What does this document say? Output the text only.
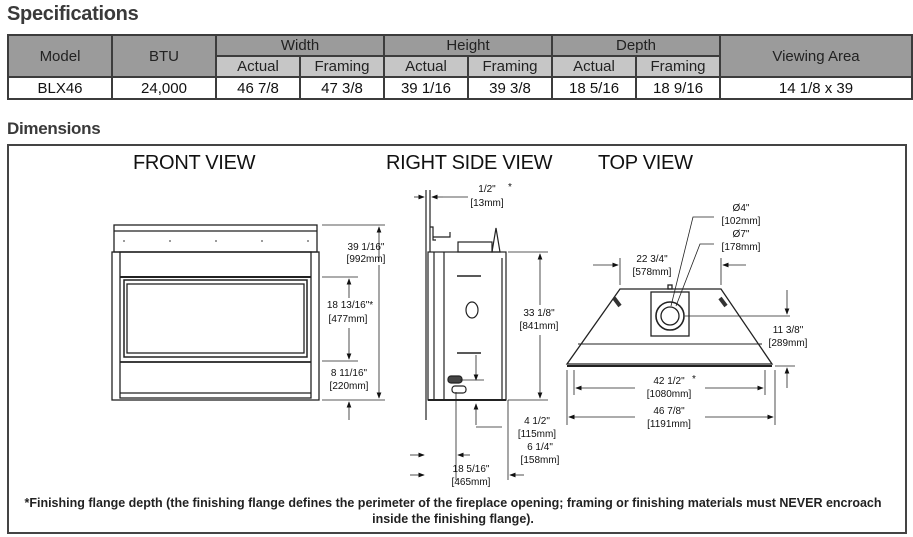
Specifications
Model	BTU	Width		Height		Depth		Viewing Area
		Actual	Framing	Actual	Framing	Actual	Framing	
BLX46	24,000	46 7/8	47 3/8	39 1/16	39 3/8	18 5/16	18 9/16	14 1/8 x 39
Dimensions
FRONT VIEW	RIGHT SIDE VIEW TOP VIEW
39 1/16"
[992mm]
18 13/16"*
[477mm]
8 11/16"
[220mm]
1/2" *
[13mm]
33 1/8"
[841mm]
4 1/2"
[115mm]
6 1/4"
[158mm]
18 5/16"
[465mm]
Ø4"
[102mm]
Ø7"
[178mm]
22 3/4"
[578mm]
11 3/8"
[289mm]
42 1/2" *
[1080mm]
46 7/8"
[1191mm]
*Finishing flange depth (the finishing flange defines the perimeter of the fireplace opening; framing or finishing materials must NEVER encroach inside the finishing flange).
